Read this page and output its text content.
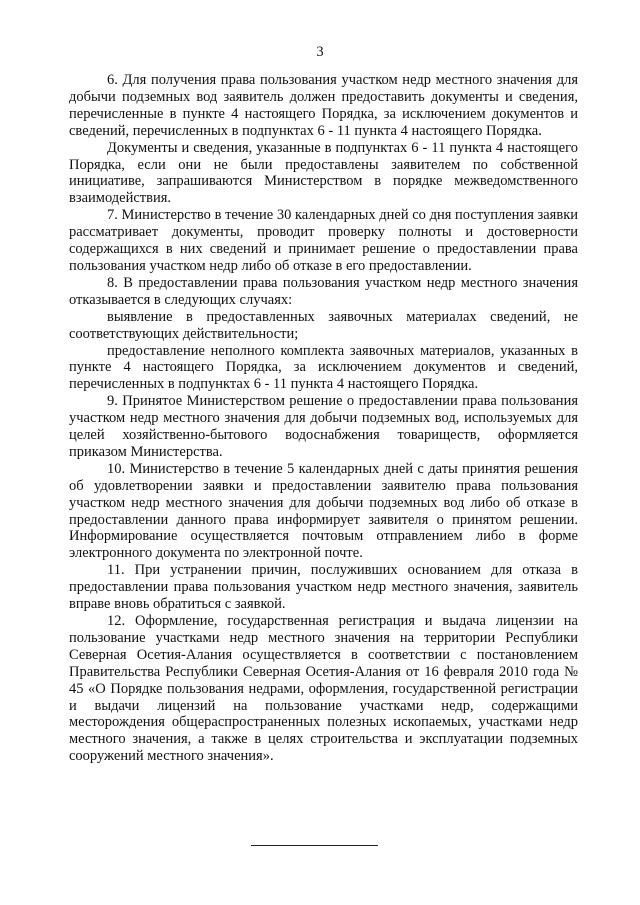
3

6. Для получения права пользования участком недр местного значения для добычи подземных вод заявитель должен предоставить документы и сведения, перечисленные в пункте 4 настоящего Порядка, за исключением документов и сведений, перечисленных в подпунктах 6 - 11 пункта 4 настоящего Порядка.

Документы и сведения, указанные в подпунктах 6 - 11 пункта 4 настоящего Порядка, если они не были предоставлены заявителем по собственной инициативе, запрашиваются Министерством в порядке межведомственного взаимодействия.

7. Министерство в течение 30 календарных дней со дня поступления заявки рассматривает документы, проводит проверку полноты и достоверности содержащихся в них сведений и принимает решение о предоставлении права пользования участком недр либо об отказе в его предоставлении.

8. В предоставлении права пользования участком недр местного значения отказывается в следующих случаях:

выявление в предоставленных заявочных материалах сведений, не соответствующих действительности;

предоставление неполного комплекта заявочных материалов, указанных в пункте 4 настоящего Порядка, за исключением документов и сведений, перечисленных в подпунктах 6 - 11 пункта 4 настоящего Порядка.

9. Принятое Министерством решение о предоставлении права пользования участком недр местного значения для добычи подземных вод, используемых для целей хозяйственно-бытового водоснабжения товариществ, оформляется приказом Министерства.

10. Министерство в течение 5 календарных дней с даты принятия решения об удовлетворении заявки и предоставлении заявителю права пользования участком недр местного значения для добычи подземных вод либо об отказе в предоставлении данного права информирует заявителя о принятом решении. Информирование осуществляется почтовым отправлением либо в форме электронного документа по электронной почте.

11. При устранении причин, послуживших основанием для отказа в предоставлении права пользования участком недр местного значения, заявитель вправе вновь обратиться с заявкой.

12. Оформление, государственная регистрация и выдача лицензии на пользование участками недр местного значения на территории Республики Северная Осетия-Алания осуществляется в соответствии с постановлением Правительства Республики Северная Осетия-Алания от 16 февраля 2010 года № 45 «О Порядке пользования недрами, оформления, государственной регистрации и выдачи лицензий на пользование участками недр, содержащими месторождения общераспространенных полезных ископаемых, участками недр местного значения, а также в целях строительства и эксплуатации подземных сооружений местного значения».
